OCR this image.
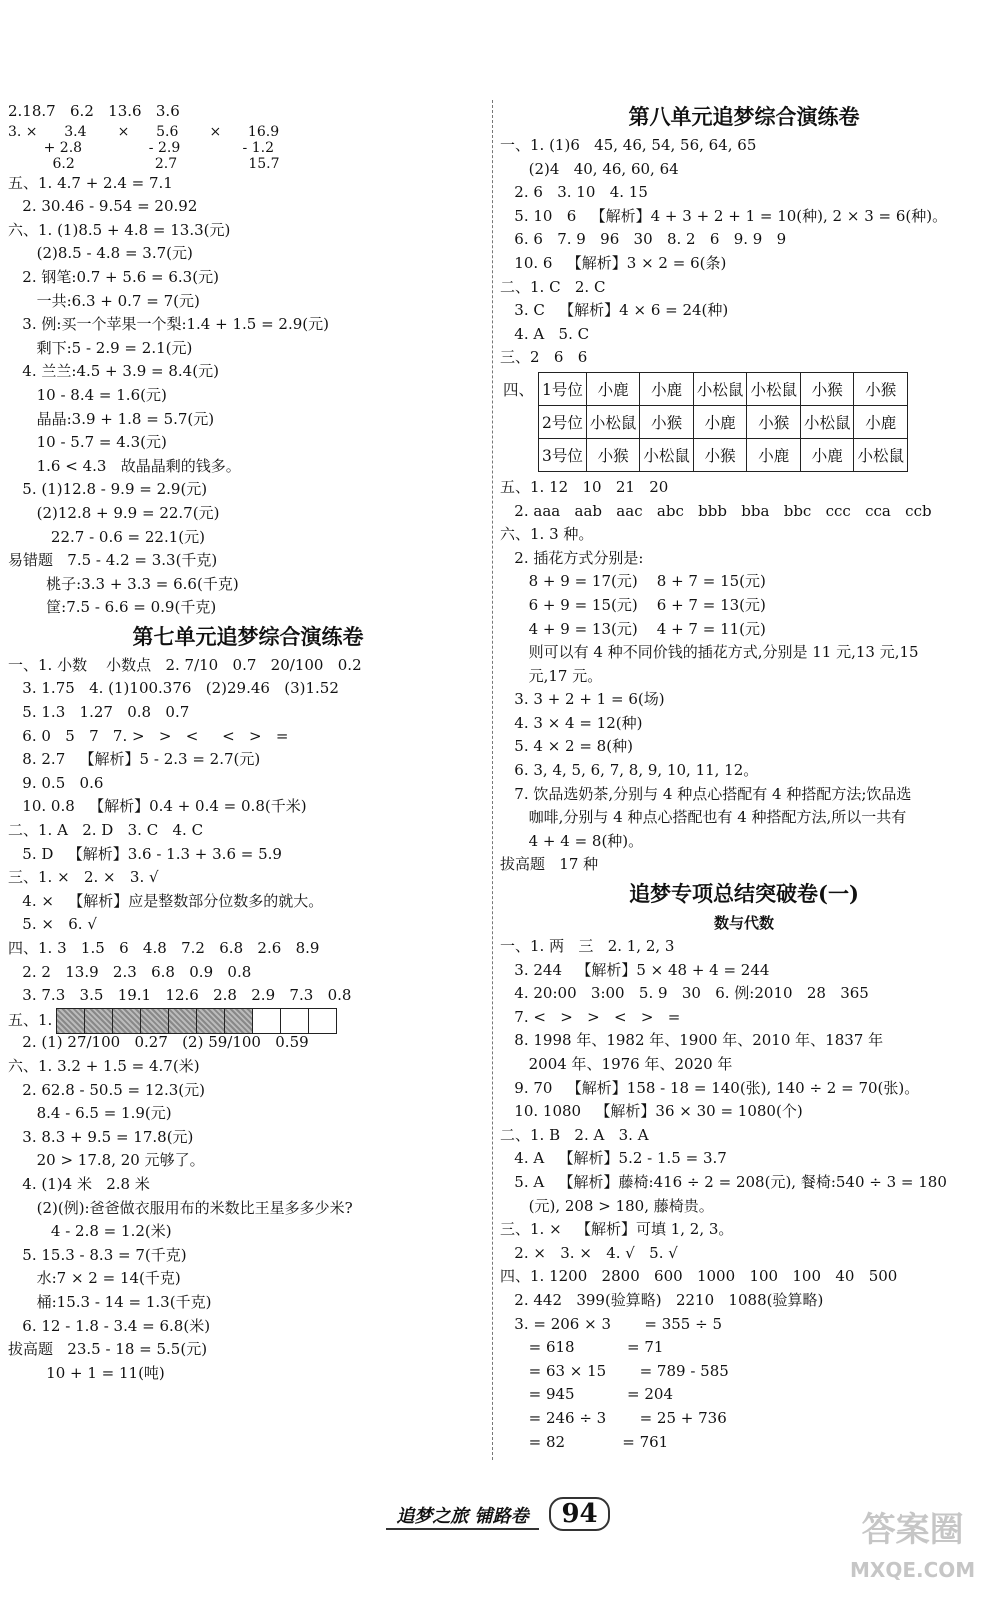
2.18.7   6.2   13.6   3.6
3. ×      3.4       ×      5.6       ×      16.9
+ 2.8               - 2.9              - 1.2
6.2                  2.7                15.7
五、1. 4.7 + 2.4 = 7.1
2. 30.46 - 9.54 = 20.92
六、1. (1)8.5 + 4.8 = 13.3(元)
(2)8.5 - 4.8 = 3.7(元)
2. 钢笔:0.7 + 5.6 = 6.3(元)
一共:6.3 + 0.7 = 7(元)
3. 例:买一个苹果一个梨:1.4 + 1.5 = 2.9(元)
剩下:5 - 2.9 = 2.1(元)
4. 兰兰:4.5 + 3.9 = 8.4(元)
10 - 8.4 = 1.6(元)
晶晶:3.9 + 1.8 = 5.7(元)
10 - 5.7 = 4.3(元)
1.6 < 4.3   故晶晶剩的钱多。
5. (1)12.8 - 9.9 = 2.9(元)
(2)12.8 + 9.9 = 22.7(元)
22.7 - 0.6 = 22.1(元)
易错题   7.5 - 4.2 = 3.3(千克)
桃子:3.3 + 3.3 = 6.6(千克)
筐:7.5 - 6.6 = 0.9(千克)
第七单元追梦综合演练卷
一、1. 小数    小数点   2. 7/10   0.7   20/100   0.2
3. 1.75   4. (1)100.376   (2)29.46   (3)1.52
5. 1.3   1.27   0.8   0.7
6. 0   5   7   7. >   >   <     <   >   =
8. 2.7   【解析】5 - 2.3 = 2.7(元)
9. 0.5   0.6
10. 0.8   【解析】0.4 + 0.4 = 0.8(千米)
二、1. A   2. D   3. C   4. C
5. D   【解析】3.6 - 1.3 + 3.6 = 5.9
三、1. ×   2. ×   3. √
4. ×   【解析】应是整数部分位数多的就大。
5. ×   6. √
四、1. 3   1.5   6   4.8   7.2   6.8   2.6   8.9
2. 2   13.9   2.3   6.8   0.9   0.8
3. 7.3   3.5   19.1   12.6   2.8   2.9   7.3   0.8
五、1.
2. (1) 27/100   0.27   (2) 59/100   0.59
六、1. 3.2 + 1.5 = 4.7(米)
2. 62.8 - 50.5 = 12.3(元)
8.4 - 6.5 = 1.9(元)
3. 8.3 + 9.5 = 17.8(元)
20 > 17.8, 20 元够了。
4. (1)4 米   2.8 米
(2)(例):爸爸做衣服用布的米数比王星多多少米?
4 - 2.8 = 1.2(米)
5. 15.3 - 8.3 = 7(千克)
水:7 × 2 = 14(千克)
桶:15.3 - 14 = 1.3(千克)
6. 12 - 1.8 - 3.4 = 6.8(米)
拔高题   23.5 - 18 = 5.5(元)
10 + 1 = 11(吨)
第八单元追梦综合演练卷
一、1. (1)6   45, 46, 54, 56, 64, 65
(2)4   40, 46, 60, 64
2. 6   3. 10   4. 15
5. 10   6   【解析】4 + 3 + 2 + 1 = 10(种), 2 × 3 = 6(种)。
6. 6   7. 9   96   30   8. 2   6   9. 9   9
10. 6   【解析】3 × 2 = 6(条)
二、1. C   2. C
3. C   【解析】4 × 6 = 24(种)
4. A   5. C
三、2   6   6
四、	1号位	小鹿	小鹿	小松鼠	小松鼠	小猴	小猴
	2号位	小松鼠	小猴	小鹿	小猴	小松鼠	小鹿
	3号位	小猴	小松鼠	小猴	小鹿	小鹿	小松鼠
五、1. 12   10   21   20
2. aaa   aab   aac   abc   bbb   bba   bbc   ccc   cca   ccb
六、1. 3 种。
2. 插花方式分别是:
8 + 9 = 17(元)    8 + 7 = 15(元)
6 + 9 = 15(元)    6 + 7 = 13(元)
4 + 9 = 13(元)    4 + 7 = 11(元)
则可以有 4 种不同价钱的插花方式,分别是 11 元,13 元,15
元,17 元。
3. 3 + 2 + 1 = 6(场)
4. 3 × 4 = 12(种)
5. 4 × 2 = 8(种)
6. 3, 4, 5, 6, 7, 8, 9, 10, 11, 12。
7. 饮品选奶茶,分别与 4 种点心搭配有 4 种搭配方法;饮品选
咖啡,分别与 4 种点心搭配也有 4 种搭配方法,所以一共有
4 + 4 = 8(种)。
拔高题   17 种
追梦专项总结突破卷(一)
数与代数
一、1. 两   三   2. 1, 2, 3
3. 244   【解析】5 × 48 + 4 = 244
4. 20:00   3:00   5. 9   30   6. 例:2010   28   365
7. <   >   >   <   >   =
8. 1998 年、1982 年、1900 年、2010 年、1837 年
2004 年、1976 年、2020 年
9. 70   【解析】158 - 18 = 140(张), 140 ÷ 2 = 70(张)。
10. 1080   【解析】36 × 30 = 1080(个)
二、1. B   2. A   3. A
4. A   【解析】5.2 - 1.5 = 3.7
5. A   【解析】藤椅:416 ÷ 2 = 208(元), 餐椅:540 ÷ 3 = 180
(元), 208 > 180, 藤椅贵。
三、1. ×   【解析】可填 1, 2, 3。
2. ×   3. ×   4. √   5. √
四、1. 1200   2800   600   1000   100   100   40   500
2. 442   399(验算略)   2210   1088(验算略)
3. = 206 × 3       = 355 ÷ 5
= 618           = 71
= 63 × 15       = 789 - 585
= 945           = 204
= 246 ÷ 3       = 25 + 736
= 82            = 761
追梦之旅 铺路卷 94	答案圈
MXQE.COM
